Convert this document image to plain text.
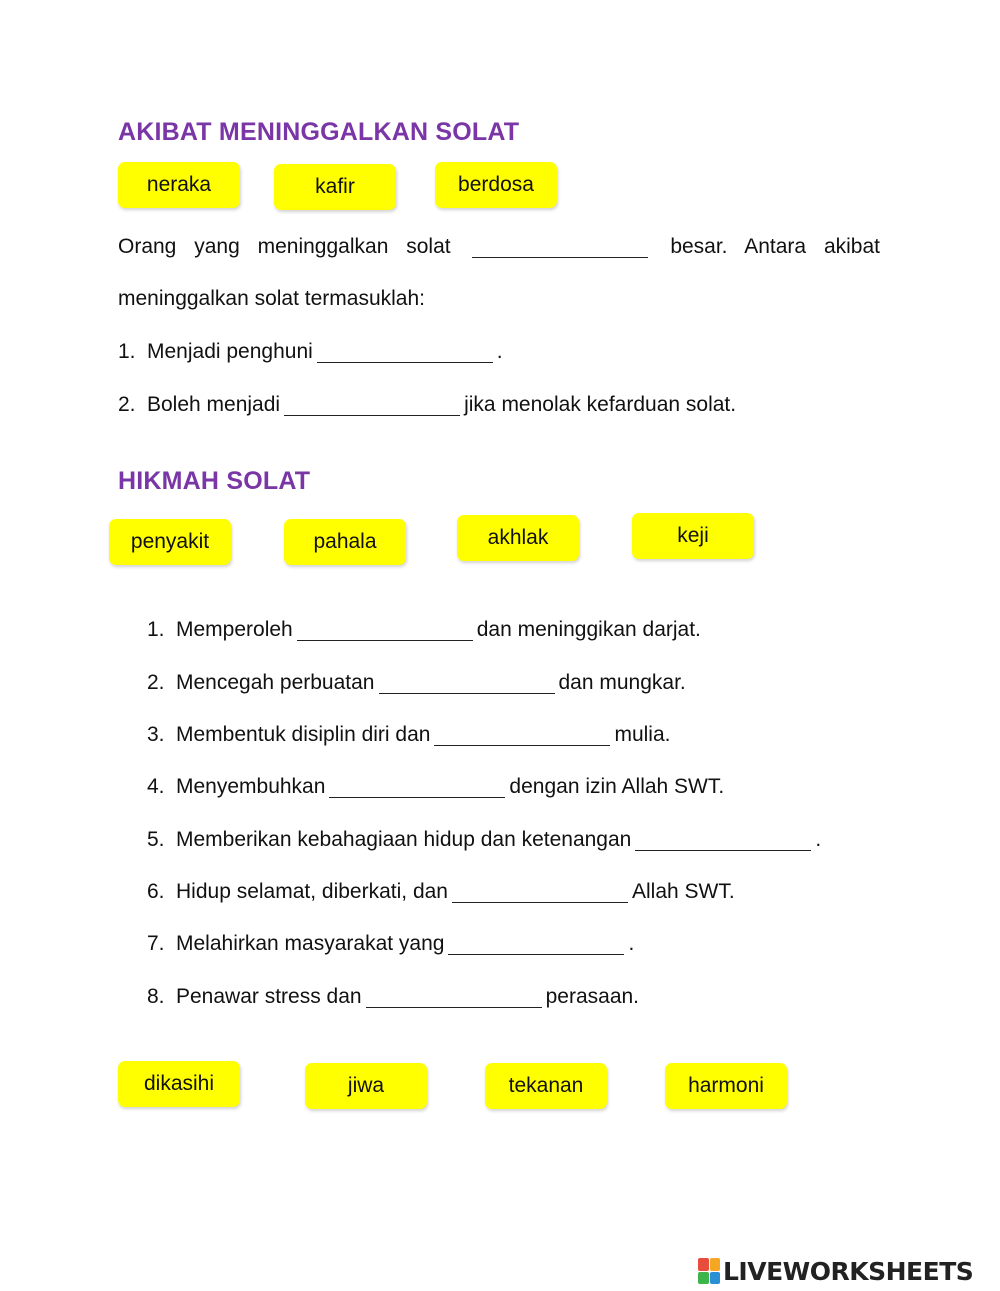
AKIBAT MENINGGALKAN SOLAT
neraka	kafir	berdosa

Orang yang meninggalkan solat	besar. Antara akibat meninggalkan solat termasuklah:

1. Menjadi penghuni	.

2. Boleh menjadi	jika menolak kefarduan solat.

HIKMAH SOLAT
penyakit	pahala	akhlak	keji

1. Memperoleh	dan meninggikan darjat.

2. Mencegah perbuatan	dan mungkar.

3. Membentuk disiplin diri dan	mulia.

4. Menyembuhkan	dengan izin Allah SWT.

5. Memberikan kebahagiaan hidup dan ketenangan	.

6. Hidup selamat, diberkati, dan	Allah SWT.

7. Melahirkan masyarakat yang	.

8. Penawar stress dan	perasaan.

dikasihi	jiwa	tekanan	harmoni
LIVEWORKSHEETS
